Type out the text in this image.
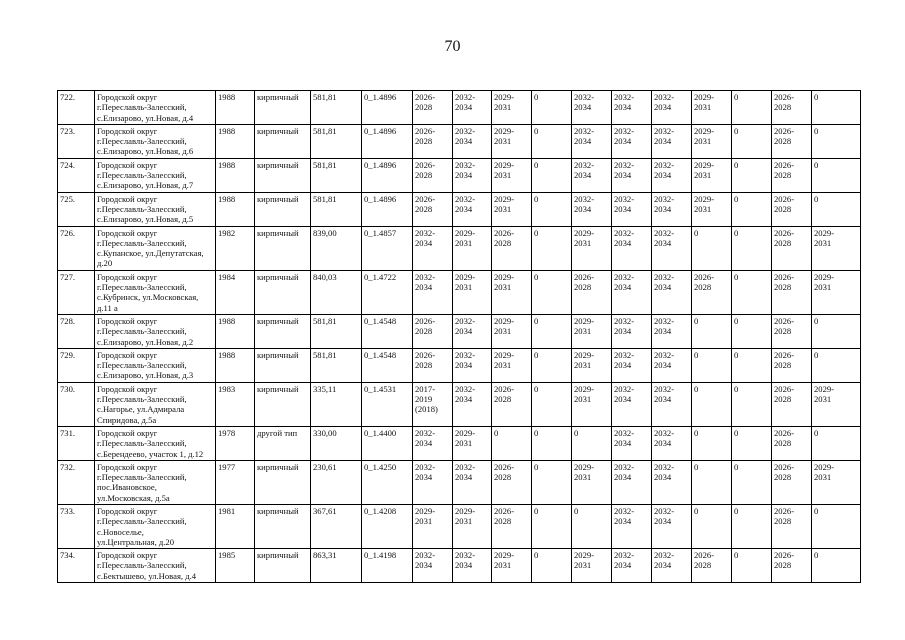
70
722.	Городской округ
г.Переславль-Залесский,
с.Елизарово, ул.Новая, д.4	1988	кирпичный	581,81	0_1.4896	2026-
2028	2032-
2034	2029-
2031	0	2032-
2034	2032-
2034	2032-
2034	2029-
2031	0	2026-
2028	0
723.	Городской округ
г.Переславль-Залесский,
с.Елизарово, ул.Новая, д.6	1988	кирпичный	581,81	0_1.4896	2026-
2028	2032-
2034	2029-
2031	0	2032-
2034	2032-
2034	2032-
2034	2029-
2031	0	2026-
2028	0
724.	Городской округ
г.Переславль-Залесский,
с.Елизарово, ул.Новая, д.7	1988	кирпичный	581,81	0_1.4896	2026-
2028	2032-
2034	2029-
2031	0	2032-
2034	2032-
2034	2032-
2034	2029-
2031	0	2026-
2028	0
725.	Городской округ
г.Переславль-Залесский,
с.Елизарово, ул.Новая, д.5	1988	кирпичный	581,81	0_1.4896	2026-
2028	2032-
2034	2029-
2031	0	2032-
2034	2032-
2034	2032-
2034	2029-
2031	0	2026-
2028	0
726.	Городской округ
г.Переславль-Залесский,
с.Купанское, ул.Депутатская,
д.20	1982	кирпичный	839,00	0_1.4857	2032-
2034	2029-
2031	2026-
2028	0	2029-
2031	2032-
2034	2032-
2034	0	0	2026-
2028	2029-
2031

727.	Городской округ
г.Переславль-Залесский,
с.Кубринск, ул.Московская,
д.11 а	1984	кирпичный	840,03	0_1.4722	2032-
2034	2029-
2031	2029-
2031	0	2026-
2028	2032-
2034	2032-
2034	2026-
2028	0	2026-
2028	2029-
2031

728.	Городской округ
г.Переславль-Залесский,
с.Елизарово, ул.Новая, д.2	1988	кирпичный	581,81	0_1.4548	2026-
2028	2032-
2034	2029-
2031	0	2029-
2031	2032-
2034	2032-
2034	0	0	2026-
2028	0
729.	Городской округ
г.Переславль-Залесский,
с.Елизарово, ул.Новая, д.3	1988	кирпичный	581,81	0_1.4548	2026-
2028	2032-
2034	2029-
2031	0	2029-
2031	2032-
2034	2032-
2034	0	0	2026-
2028	0
730.	Городской округ
г.Переславль-Залесский,
с.Нагорье, ул.Адмирала
Спиридова, д.5а	1983	кирпичный	335,11	0_1.4531	2017-
2019
(2018)	2032-
2034	2026-
2028	0	2029-
2031	2032-
2034	2032-
2034	0	0	2026-
2028	2029-
2031

731.	Городской округ
г.Переславль-Залесский,
с.Берендеево, участок 1, д.12	1978	другой тип	330,00	0_1.4400	2032-
2034	2029-
2031	0	0	0	2032-
2034	2032-
2034	0	0	2026-
2028	0
732.	Городской округ
г.Переславль-Залесский,
пос.Ивановское,
ул.Московская, д.5а	1977	кирпичный	230,61	0_1.4250	2032-
2034	2032-
2034	2026-
2028	0	2029-
2031	2032-
2034	2032-
2034	0	0	2026-
2028	2029-
2031

733.	Городской округ
г.Переславль-Залесский,
с.Новоселье,
ул.Центральная, д.20	1981	кирпичный	367,61	0_1.4208	2029-
2031	2029-
2031	2026-
2028	0	0	2032-
2034	2032-
2034	0	0	2026-
2028	0
734.	Городской округ
г.Переславль-Залесский,
с.Бектышево, ул.Новая, д.4	1985	кирпичный	863,31	0_1.4198	2032-
2034	2032-
2034	2029-
2031	0	2029-
2031	2032-
2034	2032-
2034	2026-
2028	0	2026-
2028	0
